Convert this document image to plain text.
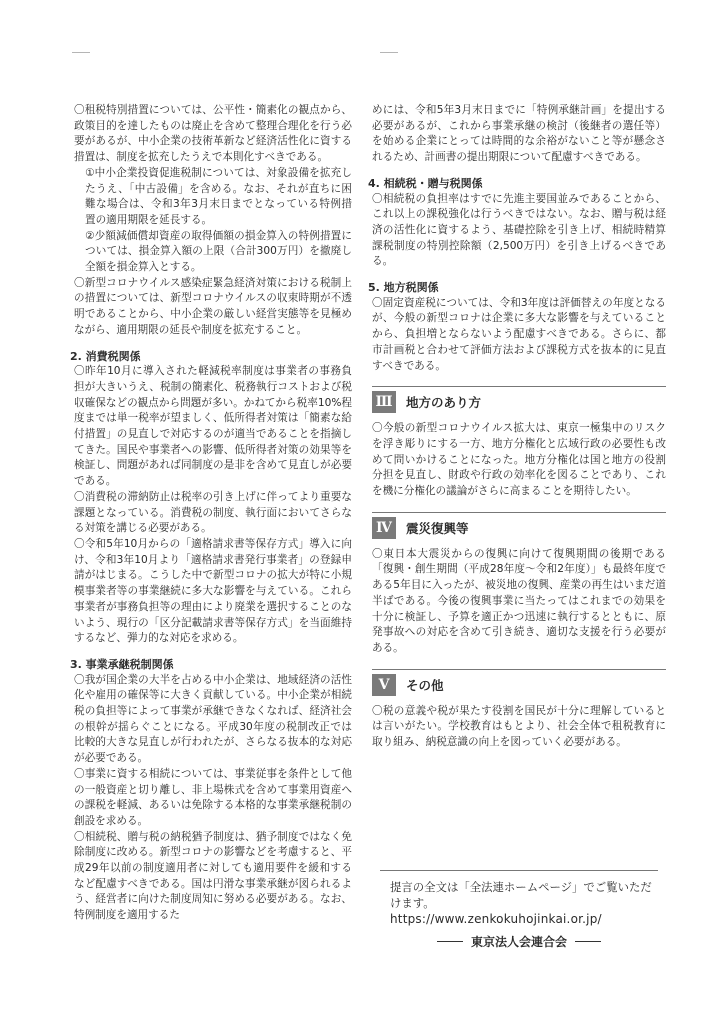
〇租税特別措置については、公平性・簡素化の観点から、政策目的を達したものは廃止を含めて整理合理化を行う必要があるが、中小企業の技術革新など経済活性化に資する措置は、制度を拡充したうえで本則化すべきである。

①中小企業投資促進税制については、対象設備を拡充したうえ、「中古設備」を含める。なお、それが直ちに困難な場合は、令和3年3月末日までとなっている特例措置の適用期限を延長する。

②少額減価償却資産の取得価額の損金算入の特例措置については、損金算入額の上限（合計300万円）を撤廃し全額を損金算入とする。

〇新型コロナウイルス感染症緊急経済対策における税制上の措置については、新型コロナウイルスの収束時期が不透明であることから、中小企業の厳しい経営実態等を見極めながら、適用期限の延長や制度を拡充すること。

2. 消費税関係

〇昨年10月に導入された軽減税率制度は事業者の事務負担が大きいうえ、税制の簡素化、税務執行コストおよび税収確保などの観点から問題が多い。かねてから税率10%程度までは単一税率が望ましく、低所得者対策は「簡素な給付措置」の見直しで対応するのが適当であることを指摘してきた。国民や事業者への影響、低所得者対策の効果等を検証し、問題があれば同制度の是非を含めて見直しが必要である。

〇消費税の滞納防止は税率の引き上げに伴ってより重要な課題となっている。消費税の制度、執行面においてさらなる対策を講じる必要がある。

〇令和5年10月からの「適格請求書等保存方式」導入に向け、令和3年10月より「適格請求書発行事業者」の登録申請がはじまる。こうした中で新型コロナの拡大が特に小規模事業者等の事業継続に多大な影響を与えている。これら事業者が事務負担等の理由により廃業を選択することのないよう、現行の「区分記載請求書等保存方式」を当面維持するなど、弾力的な対応を求める。

3. 事業承継税制関係

〇我が国企業の大半を占める中小企業は、地域経済の活性化や雇用の確保等に大きく貢献している。中小企業が相続税の負担等によって事業が承継できなくなれば、経済社会の根幹が揺らぐことになる。平成30年度の税制改正では比較的大きな見直しが行われたが、さらなる抜本的な対応が必要である。

〇事業に資する相続については、事業従事を条件として他の一般資産と切り離し、非上場株式を含めて事業用資産への課税を軽減、あるいは免除する本格的な事業承継税制の創設を求める。

〇相続税、贈与税の納税猶予制度は、猶予制度ではなく免除制度に改める。新型コロナの影響などを考慮すると、平成29年以前の制度適用者に対しても適用要件を緩和するなど配慮すべきである。国は円滑な事業承継が図られるよう、経営者に向けた制度周知に努める必要がある。なお、特例制度を適用するた

めには、令和5年3月末日までに「特例承継計画」を提出する必要があるが、これから事業承継の検討（後継者の選任等）を始める企業にとっては時間的な余裕がないこと等が懸念されるため、計画書の提出期限について配慮すべきである。

4. 相続税・贈与税関係

〇相続税の負担率はすでに先進主要国並みであることから、これ以上の課税強化は行うべきではない。なお、贈与税は経済の活性化に資するよう、基礎控除を引き上げ、相続時精算課税制度の特別控除額（2,500万円）を引き上げるべきである。

5. 地方税関係

〇固定資産税については、令和3年度は評価替えの年度となるが、今般の新型コロナは企業に多大な影響を与えていることから、負担増とならないよう配慮すべきである。さらに、都市計画税と合わせて評価方法および課税方式を抜本的に見直すべきである。

Ⅲ 地方のあり方

〇今般の新型コロナウイルス拡大は、東京一極集中のリスクを浮き彫りにする一方、地方分権化と広域行政の必要性も改めて問いかけることになった。地方分権化は国と地方の役割分担を見直し、財政や行政の効率化を図ることであり、これを機に分権化の議論がさらに高まることを期待したい。

Ⅳ	震災復興等

〇東日本大震災からの復興に向けて復興期間の後期である「復興・創生期間（平成28年度～令和2年度）」も最終年度である5年目に入ったが、被災地の復興、産業の再生はいまだ道半ばである。今後の復興事業に当たってはこれまでの効果を十分に検証し、予算を適正かつ迅速に執行するとともに、原発事故への対応を含めて引き続き、適切な支援を行う必要がある。

Ⅴ	その他

〇税の意義や税が果たす役割を国民が十分に理解しているとは言いがたい。学校教育はもとより、社会全体で租税教育に取り組み、納税意識の向上を図っていく必要がある。

提言の全文は「全法連ホームページ」でご覧いただけます。

https://www.zenkokuhojinkai.or.jp/
東京法人会連合会
